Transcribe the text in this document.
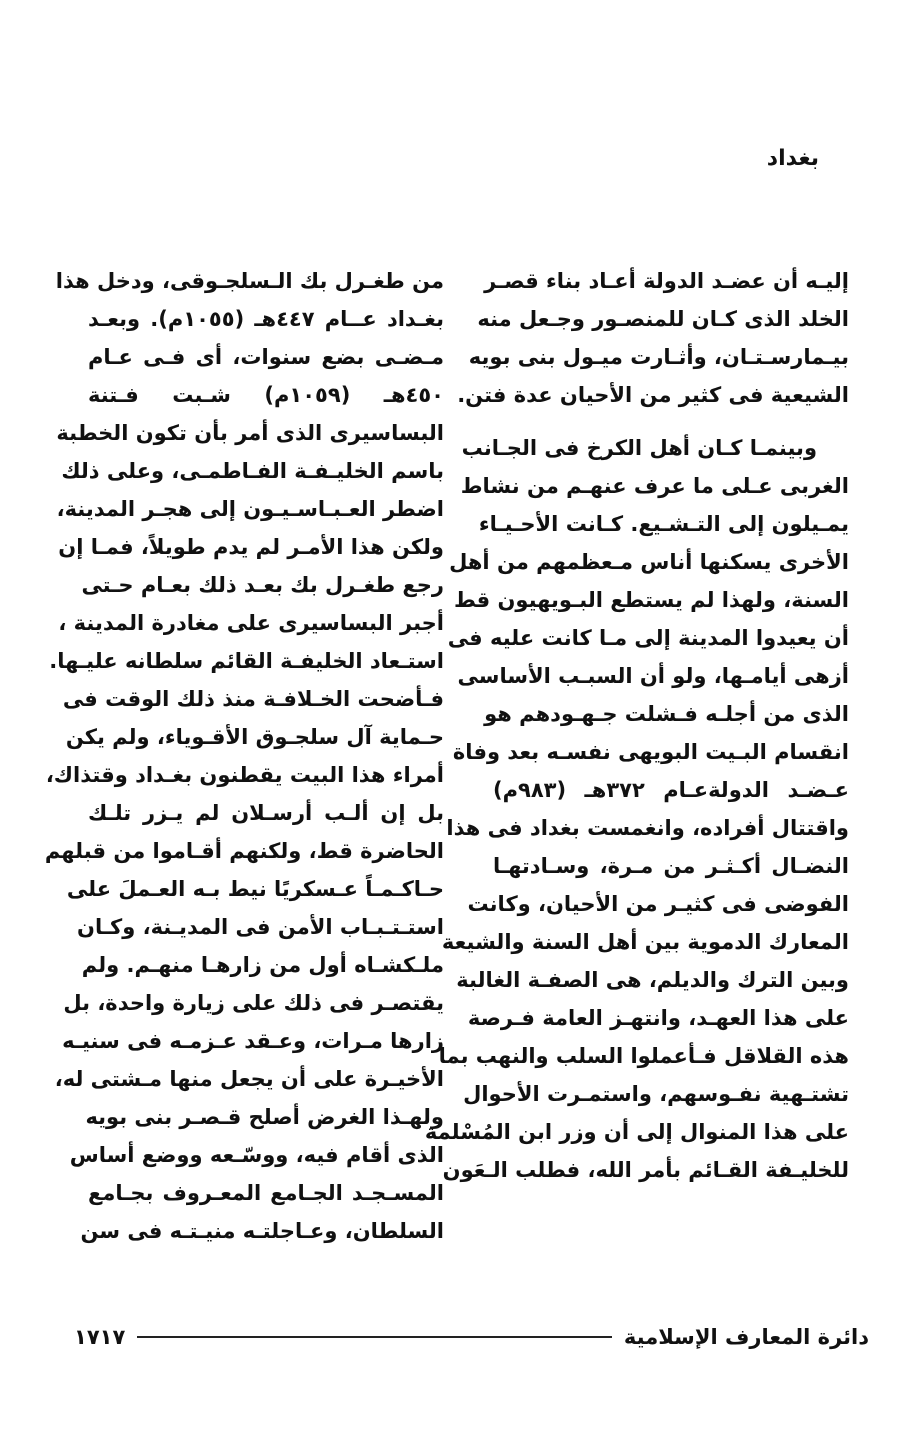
بغداد
إليـه أن عضـد الدولة أعـاد بناء قصـر
الخلد الذى كـان للمنصـور وجـعل منه
بيـمارسـتـان، وأثـارت ميـول بنى بويه
الشيعية فى كثير من الأحيان عدة فتن.
وبينمـا كـان أهل الكرخ فى الجـانب
الغربى عـلى ما عرف عنهـم من نشاط
يمـيلون إلى التـشـيع. كـانت الأحـيـاء
الأخرى يسكنها أناس مـعظمهم من أهل
السنة، ولهذا لم يستطع البـويهيون قط
أن يعيدوا المدينة إلى مـا كانت عليه فى
أزهى أيامـها، ولو أن السبـب الأساسى
الذى من أجلـه فـشلت جـهـودهم هو
انقسام البـيت البويهى نفسـه بعد وفاة
عـضـد الدولةعـام ٣٧٢هـ (٩٨٣م)
واقتتال أفراده، وانغمست بغداد فى هذا
النضـال أكـثـر من مـرة، وسـادتهـا
الفوضى فى كثيـر من الأحيان، وكانت
المعارك الدموية بين أهل السنة والشيعة
وبين الترك والديلم، هى الصفـة الغالبة
على هذا العهـد، وانتهـز العامة فـرصة
هذه القلاقل فـأعملوا السلب والنهب بما
تشتـهية نفـوسهم، واستمـرت الأحوال
على هذا المنوال إلى أن وزر ابن المُسْلمة
للخليـفة القـائم بأمر الله، فطلب الـعَون
من طغـرل بك الـسلجـوقى، ودخل هذا
بغـداد عــام ٤٤٧هـ (١٠٥٥م). وبعـد
مـضـى بضع سنوات، أى فـى عـام
٤٥٠هـ (١٠٥٩م) شـبت فـتنة
البساسيرى الذى أمر بأن تكون الخطبة
باسم الخليـفـة الفـاطمـى، وعلى ذلك
اضطر العـبـاسـيـون إلى هجـر المدينة،
ولكن هذا الأمـر لم يدم طويلاً، فمـا إن
رجع طغـرل بك بعـد ذلك بعـام حـتى
أجبر البساسيرى على مغادرة المدينة ،
استـعاد الخليفـة القائم سلطانه عليـها.
فـأضحت الخـلافـة منذ ذلك الوقت فى
حـماية آل سلجـوق الأقـوياء، ولم يكن
أمراء هذا البيت يقطنون بغـداد وقتذاك،
بل إن ألـب أرسـلان لم يـزر تلـك
الحاضرة قط، ولكنهم أقـاموا من قبلهم
حـاكـمـاً عـسكريًا نيط بـه العـملَ على
استـتـبـاب الأمن فى المديـنة، وكـان
ملـكشـاه أول من زارهـا منهـم. ولم
يقتصـر فى ذلك على زيارة واحدة، بل
زارها مـرات، وعـقد عـزمـه فى سنيـه
الأخيـرة على أن يجعل منها مـشتى له،
ولهـذا الغرض أصلح قـصـر بنى بويه
الذى أقام فيه، ووسّـعه ووضع أساس
المسـجـد الجـامع المعـروف بجـامع
السلطان، وعـاجلتـه منيـتـه فى سن
دائرة المعارف الإسلامية
١٧١٧
